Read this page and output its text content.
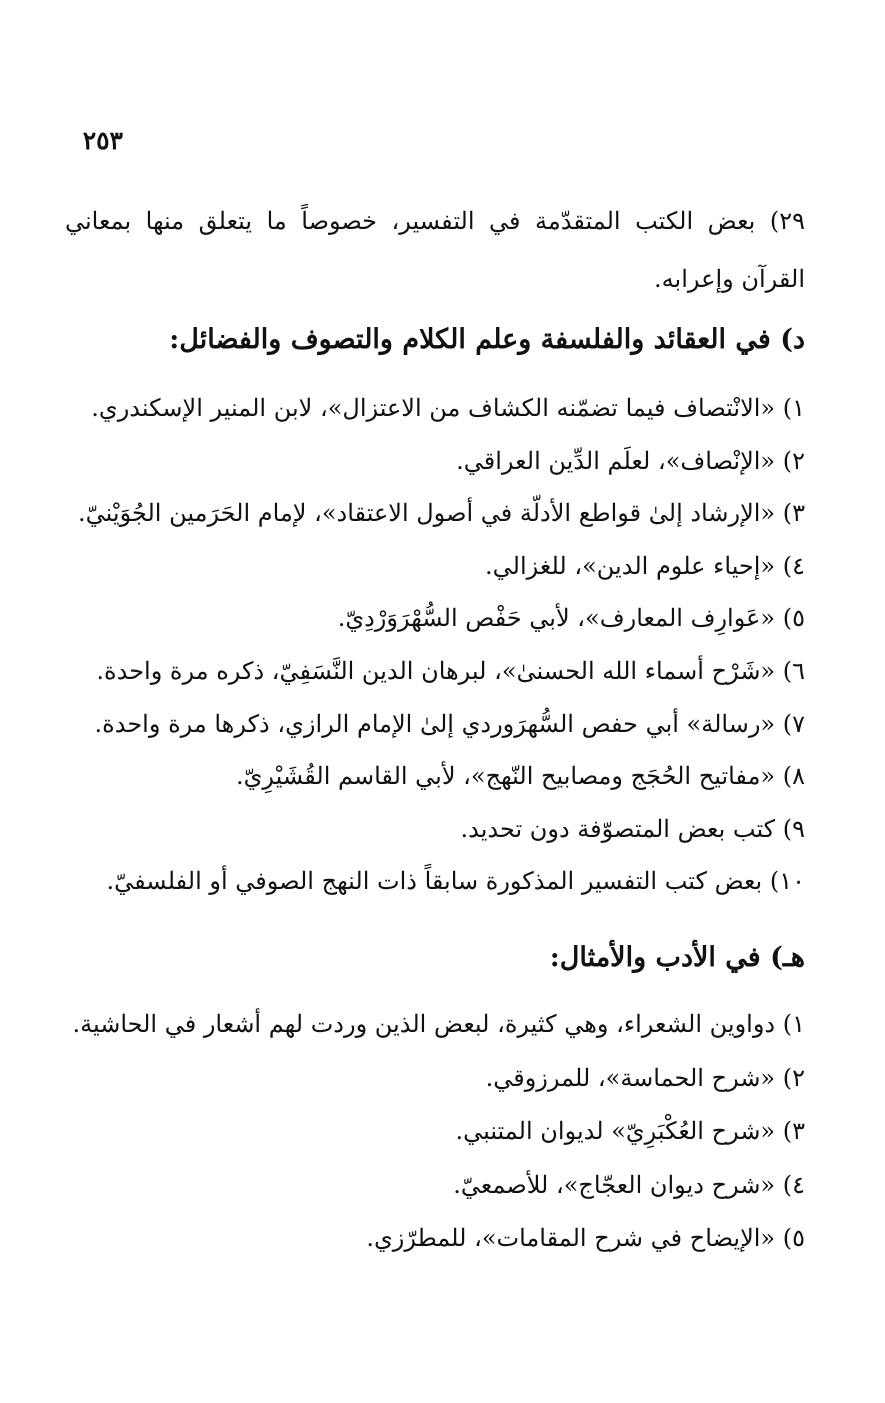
٢٥٣

٢٩) بعض الكتب المتقدّمة في التفسير، خصوصاً ما يتعلق منها بمعاني القرآن وإعرابه.

د) في العقائد والفلسفة وعلم الكلام والتصوف والفضائل:
١) «الانْتصاف فيما تضمّنه الكشاف من الاعتزال»، لابن المنير الإسكندري.
٢) «الإنْصاف»، لعلَم الدِّين العراقي.
٣) «الإرشاد إلىٰ قواطع الأدلّة في أصول الاعتقاد»، لإمام الحَرَمين الجُوَيْنيّ.
٤) «إحياء علوم الدين»، للغزالي.
٥) «عَوارِف المعارف»، لأبي حَفْص السُّهْرَوَرْدِيّ.
٦) «شَرْح أسماء الله الحسنىٰ»، لبرهان الدين النَّسَفِيّ، ذكره مرة واحدة.
٧) «رسالة» أبي حفص السُّهرَوردي إلىٰ الإمام الرازي، ذكرها مرة واحدة.
٨) «مفاتيح الحُجَج ومصابيح النّهج»، لأبي القاسم القُشَيْرِيّ.
٩) كتب بعض المتصوّفة دون تحديد.
١٠) بعض كتب التفسير المذكورة سابقاً ذات النهج الصوفي أو الفلسفيّ.
هـ) في الأدب والأمثال:
١) دواوين الشعراء، وهي كثيرة، لبعض الذين وردت لهم أشعار في الحاشية.
٢) «شرح الحماسة»، للمرزوقي.
٣) «شرح العُكْبَرِيّ» لديوان المتنبي.
٤) «شرح ديوان العجّاج»، للأصمعيّ.
٥) «الإيضاح في شرح المقامات»، للمطرّزي.
